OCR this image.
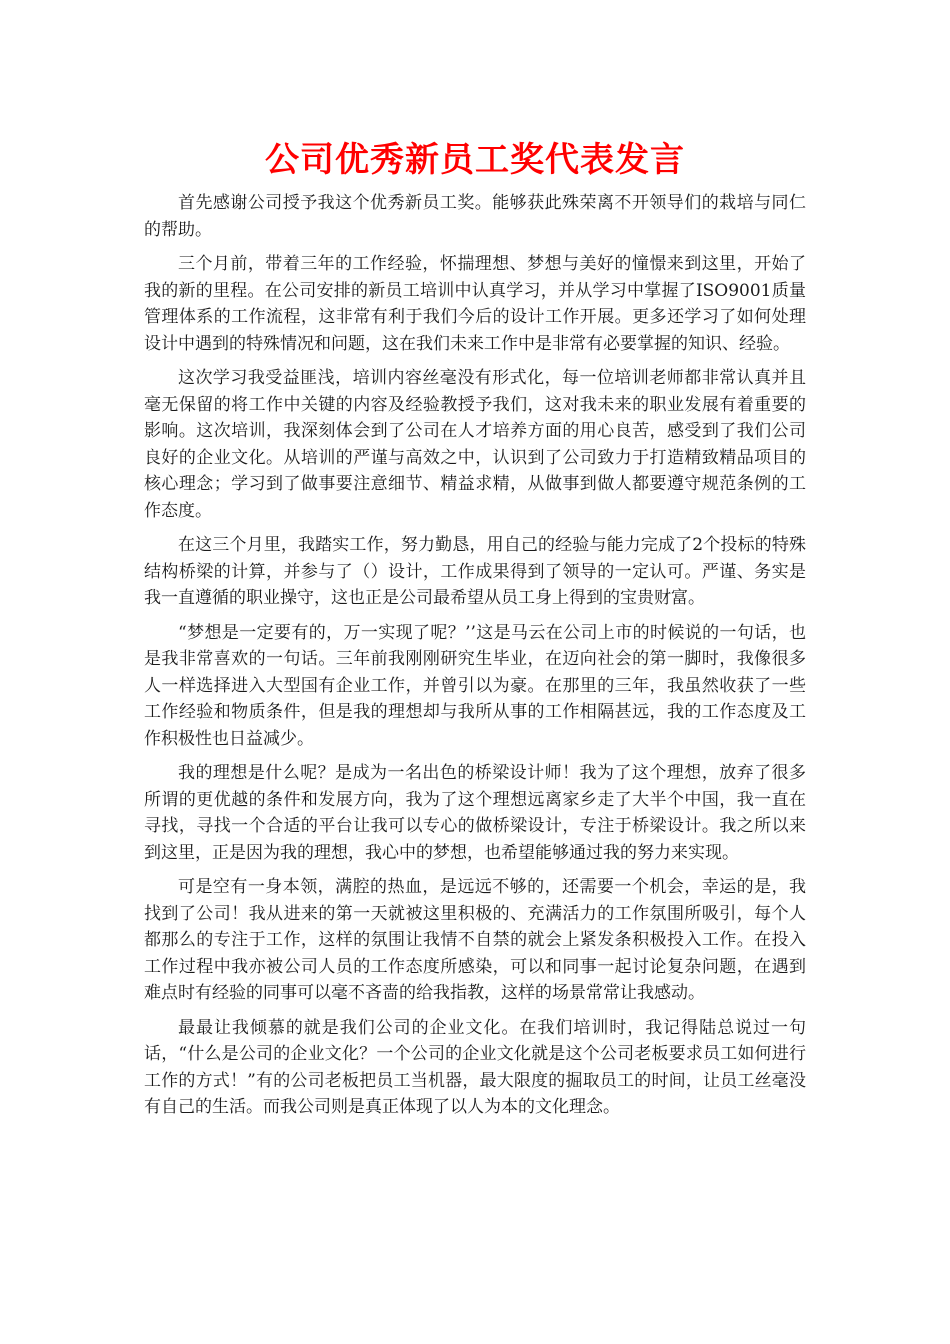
公司优秀新员工奖代表发言

首先感谢公司授予我这个优秀新员工奖。能够获此殊荣离不开领导们的栽培与同仁的帮助。

三个月前，带着三年的工作经验，怀揣理想、梦想与美好的憧憬来到这里，开始了我的新的里程。在公司安排的新员工培训中认真学习，并从学习中掌握了ISO9001质量管理体系的工作流程，这非常有利于我们今后的设计工作开展。更多还学习了如何处理设计中遇到的特殊情况和问题，这在我们未来工作中是非常有必要掌握的知识、经验。

这次学习我受益匪浅，培训内容丝毫没有形式化，每一位培训老师都非常认真并且毫无保留的将工作中关键的内容及经验教授予我们，这对我未来的职业发展有着重要的影响。这次培训，我深刻体会到了公司在人才培养方面的用心良苦，感受到了我们公司良好的企业文化。从培训的严谨与高效之中，认识到了公司致力于打造精致精品项目的核心理念；学习到了做事要注意细节、精益求精，从做事到做人都要遵守规范条例的工作态度。

在这三个月里，我踏实工作，努力勤恳，用自己的经验与能力完成了2个投标的特殊结构桥梁的计算，并参与了（）设计，工作成果得到了领导的一定认可。严谨、务实是我一直遵循的职业操守，这也正是公司最希望从员工身上得到的宝贵财富。

“梦想是一定要有的，万一实现了呢？’’这是马云在公司上市的时候说的一句话，也是我非常喜欢的一句话。三年前我刚刚研究生毕业，在迈向社会的第一脚时，我像很多人一样选择进入大型国有企业工作，并曾引以为豪。在那里的三年，我虽然收获了一些工作经验和物质条件，但是我的理想却与我所从事的工作相隔甚远，我的工作态度及工作积极性也日益减少。

我的理想是什么呢？是成为一名出色的桥梁设计师！我为了这个理想，放弃了很多所谓的更优越的条件和发展方向，我为了这个理想远离家乡走了大半个中国，我一直在寻找，寻找一个合适的平台让我可以专心的做桥梁设计，专注于桥梁设计。我之所以来到这里，正是因为我的理想，我心中的梦想，也希望能够通过我的努力来实现。

可是空有一身本领，满腔的热血，是远远不够的，还需要一个机会，幸运的是，我找到了公司！我从进来的第一天就被这里积极的、充满活力的工作氛围所吸引，每个人都那么的专注于工作，这样的氛围让我情不自禁的就会上紧发条积极投入工作。在投入工作过程中我亦被公司人员的工作态度所感染，可以和同事一起讨论复杂问题，在遇到难点时有经验的同事可以毫不吝啬的给我指教，这样的场景常常让我感动。

最最让我倾慕的就是我们公司的企业文化。在我们培训时，我记得陆总说过一句话，“什么是公司的企业文化？一个公司的企业文化就是这个公司老板要求员工如何进行工作的方式！”有的公司老板把员工当机器，最大限度的掘取员工的时间，让员工丝毫没有自己的生活。而我公司则是真正体现了以人为本的文化理念。
